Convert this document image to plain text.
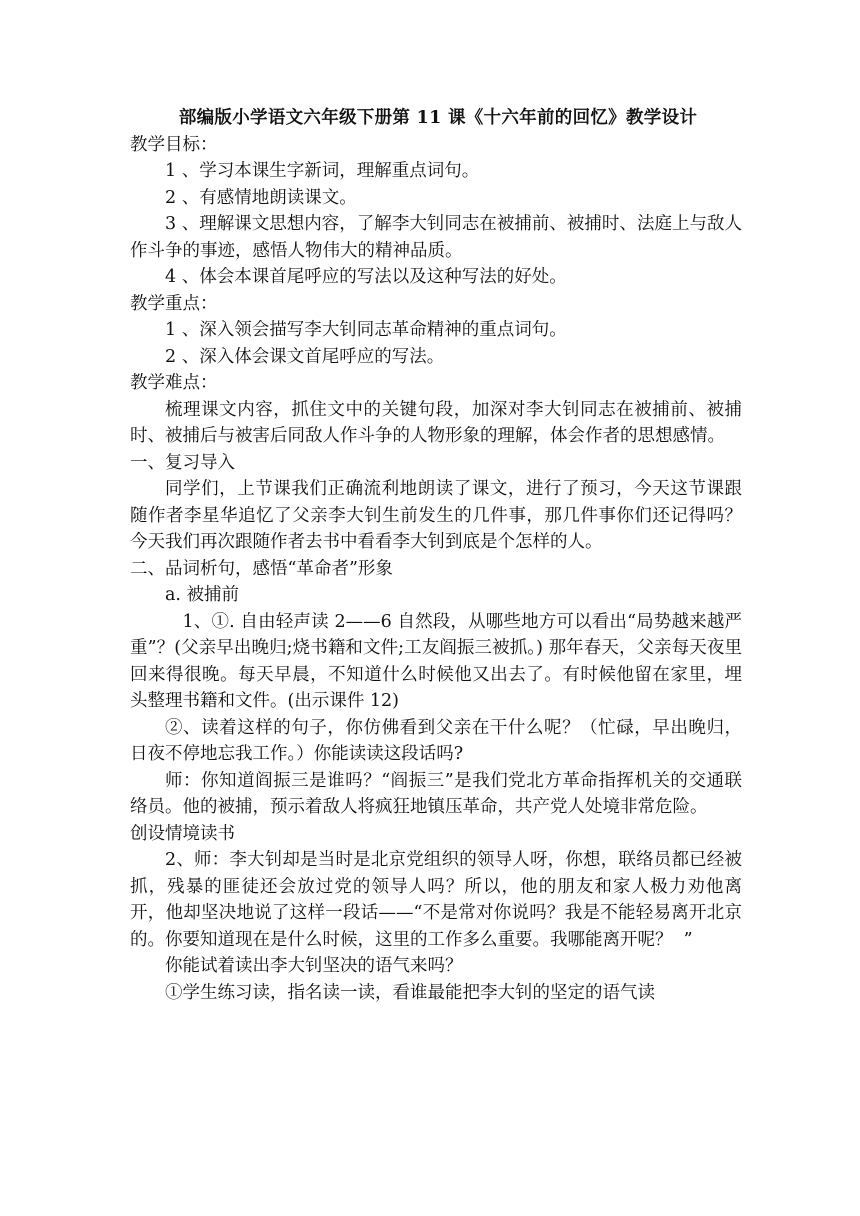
部编版小学语文六年级下册第 11 课《十六年前的回忆》教学设计
教学目标：
1 、学习本课生字新词，理解重点词句。
2 、有感情地朗读课文。
3 、理解课文思想内容，了解李大钊同志在被捕前、被捕时、法庭上与敌人作斗争的事迹，感悟人物伟大的精神品质。
4 、体会本课首尾呼应的写法以及这种写法的好处。
教学重点：
1 、深入领会描写李大钊同志革命精神的重点词句。
2 、深入体会课文首尾呼应的写法。
教学难点：
梳理课文内容，抓住文中的关键句段，加深对李大钊同志在被捕前、被捕时、被捕后与被害后同敌人作斗争的人物形象的理解，体会作者的思想感情。
一、复习导入
同学们，上节课我们正确流利地朗读了课文，进行了预习，今天这节课跟随作者李星华追忆了父亲李大钊生前发生的几件事，那几件事你们还记得吗？今天我们再次跟随作者去书中看看李大钊到底是个怎样的人。
二、品词析句，感悟“革命者”形象
a. 被捕前
1、①. 自由轻声读 2——6 自然段，从哪些地方可以看出“局势越来越严重”？(父亲早出晚归;烧书籍和文件;工友阎振三被抓。) 那年春天，父亲每天夜里回来得很晚。每天早晨，不知道什么时候他又出去了。有时候他留在家里，埋头整理书籍和文件。(出示课件 12)
②、读着这样的句子，你仿佛看到父亲在干什么呢？（忙碌，早出晚归，日夜不停地忘我工作。）你能读读这段话吗?
师：你知道阎振三是谁吗？“阎振三”是我们党北方革命指挥机关的交通联络员。他的被捕，预示着敌人将疯狂地镇压革命，共产党人处境非常危险。
创设情境读书
2、师：李大钊却是当时是北京党组织的领导人呀，你想，联络员都已经被抓，残暴的匪徒还会放过党的领导人吗？所以，他的朋友和家人极力劝他离开，他却坚决地说了这样一段话——“不是常对你说吗？我是不能轻易离开北京的。你要知道现在是什么时候，这里的工作多么重要。我哪能离开呢？  ”
你能试着读出李大钊坚决的语气来吗？
①学生练习读，指名读一读，看谁最能把李大钊的坚定的语气读
